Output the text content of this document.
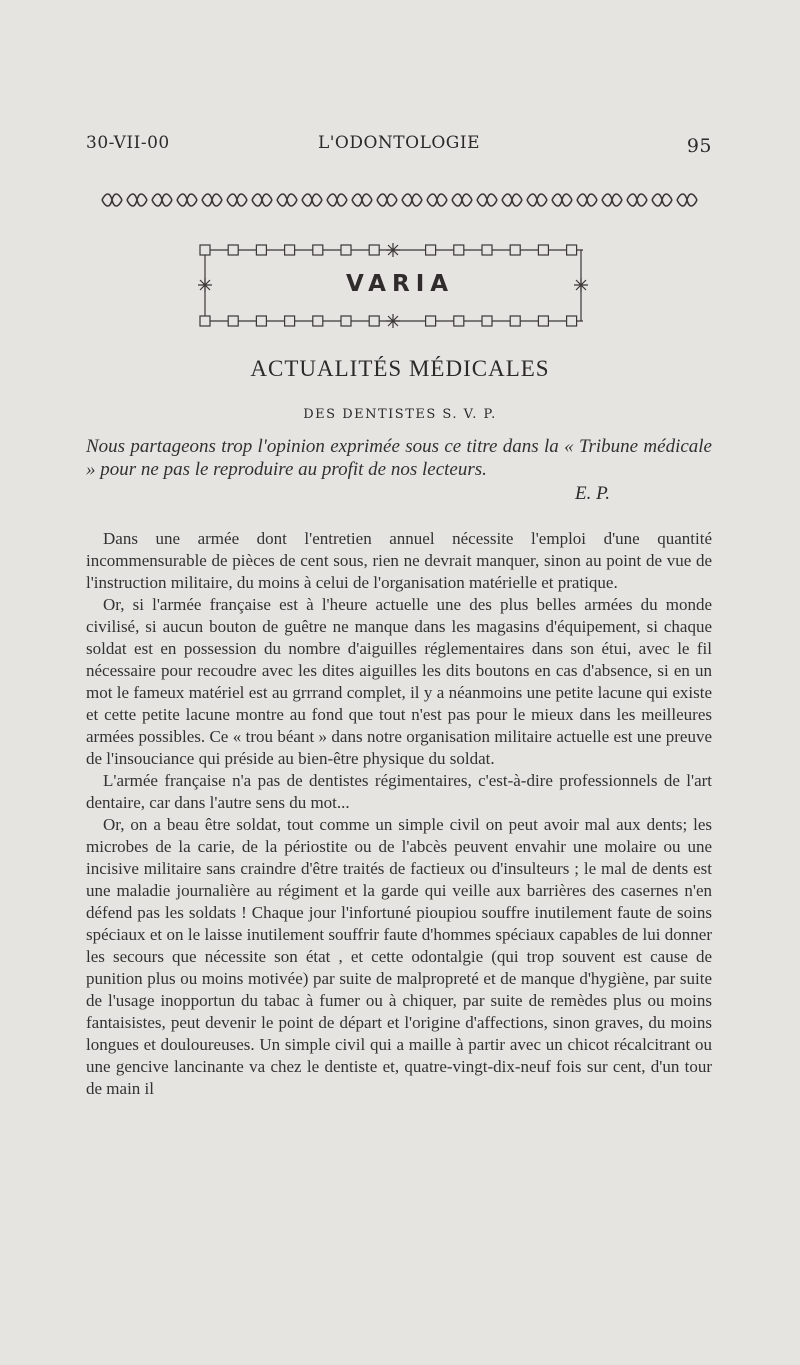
30-VII-00	L'ODONTOLOGIE	95
VARIA
ACTUALITÉS MÉDICALES
DES DENTISTES S. V. P.
Nous partageons trop l'opinion exprimée sous ce titre dans la « Tribune médicale » pour ne pas le reproduire au profit de nos lecteurs.
E. P.

Dans une armée dont l'entretien annuel nécessite l'emploi d'une quantité incommensurable de pièces de cent sous, rien ne devrait manquer, sinon au point de vue de l'instruction militaire, du moins à celui de l'organisation matérielle et pratique.

Or, si l'armée française est à l'heure actuelle une des plus belles armées du monde civilisé, si aucun bouton de guêtre ne manque dans les magasins d'équipement, si chaque soldat est en possession du nombre d'aiguilles réglementaires dans son étui, avec le fil nécessaire pour recoudre avec les dites aiguilles les dits boutons en cas d'absence, si en un mot le fameux matériel est au grrrand complet, il y a néanmoins une petite lacune qui existe et cette petite lacune montre au fond que tout n'est pas pour le mieux dans les meilleures armées possibles. Ce « trou béant » dans notre organisation militaire actuelle est une preuve de l'insouciance qui préside au bien-être physique du soldat.

L'armée française n'a pas de dentistes régimentaires, c'est-à-dire professionnels de l'art dentaire, car dans l'autre sens du mot...

Or, on a beau être soldat, tout comme un simple civil on peut avoir mal aux dents; les microbes de la carie, de la périostite ou de l'abcès peuvent envahir une molaire ou une incisive militaire sans craindre d'être traités de factieux ou d'insulteurs ; le mal de dents est une maladie journalière au régiment et la garde qui veille aux barrières des casernes n'en défend pas les soldats ! Chaque jour l'infortuné pioupiou souffre inutilement faute de soins spéciaux et on le laisse inutilement souffrir faute d'hommes spéciaux capables de lui donner les secours que nécessite son état , et cette odontalgie (qui trop souvent est cause de punition plus ou moins motivée) par suite de malpropreté et de manque d'hygiène, par suite de l'usage inopportun du tabac à fumer ou à chiquer, par suite de remèdes plus ou moins fantaisistes, peut devenir le point de départ et l'origine d'affections, sinon graves, du moins longues et douloureuses. Un simple civil qui a maille à partir avec un chicot récalcitrant ou une gencive lancinante va chez le dentiste et, quatre-vingt-dix-neuf fois sur cent, d'un tour de main il
